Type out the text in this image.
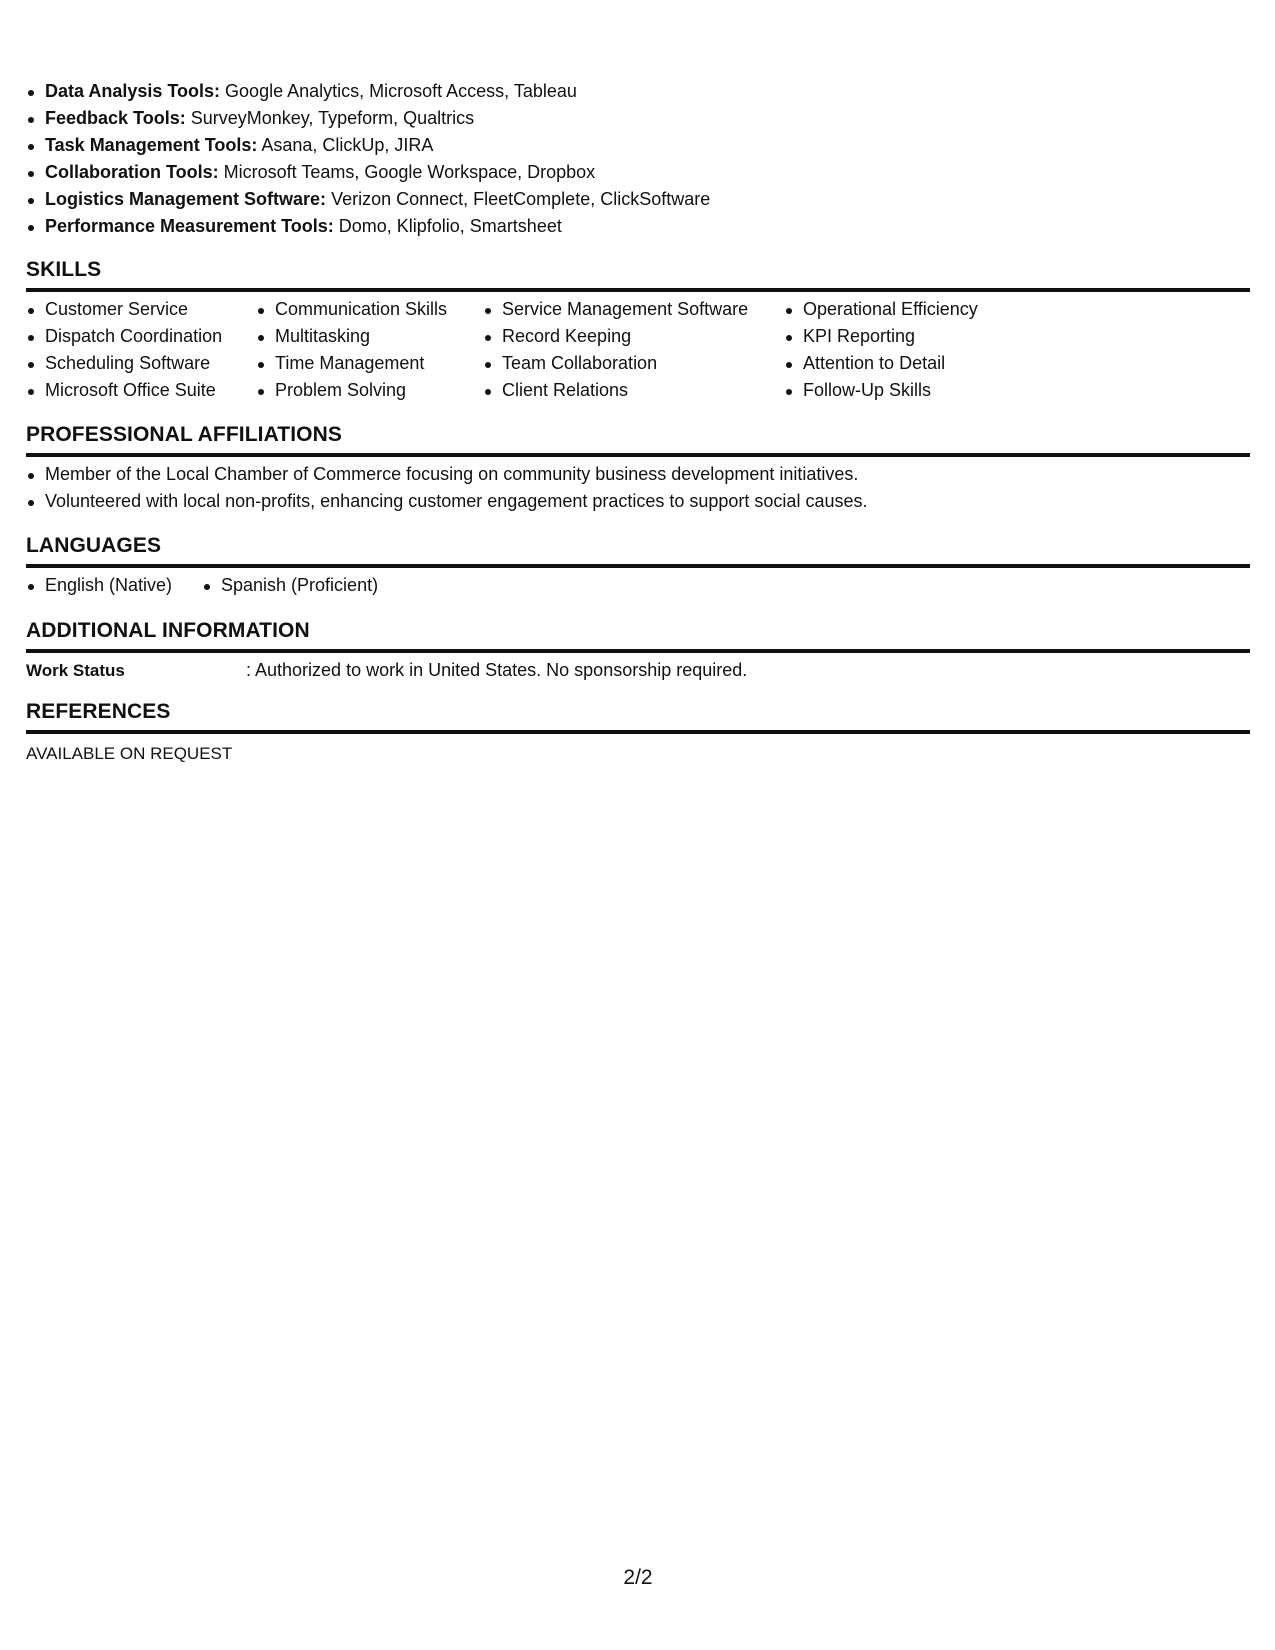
Data Analysis Tools: Google Analytics, Microsoft Access, Tableau
Feedback Tools: SurveyMonkey, Typeform, Qualtrics
Task Management Tools: Asana, ClickUp, JIRA
Collaboration Tools: Microsoft Teams, Google Workspace, Dropbox
Logistics Management Software: Verizon Connect, FleetComplete, ClickSoftware
Performance Measurement Tools: Domo, Klipfolio, Smartsheet
SKILLS
Customer Service
Dispatch Coordination
Scheduling Software
Microsoft Office Suite
Communication Skills
Multitasking
Time Management
Problem Solving
Service Management Software
Record Keeping
Team Collaboration
Client Relations
Operational Efficiency
KPI Reporting
Attention to Detail
Follow-Up Skills
PROFESSIONAL AFFILIATIONS
Member of the Local Chamber of Commerce focusing on community business development initiatives.
Volunteered with local non-profits, enhancing customer engagement practices to support social causes.
LANGUAGES
English (Native)	Spanish (Proficient)
ADDITIONAL INFORMATION
Work Status	: Authorized to work in United States. No sponsorship required.
REFERENCES
AVAILABLE ON REQUEST
2/2
